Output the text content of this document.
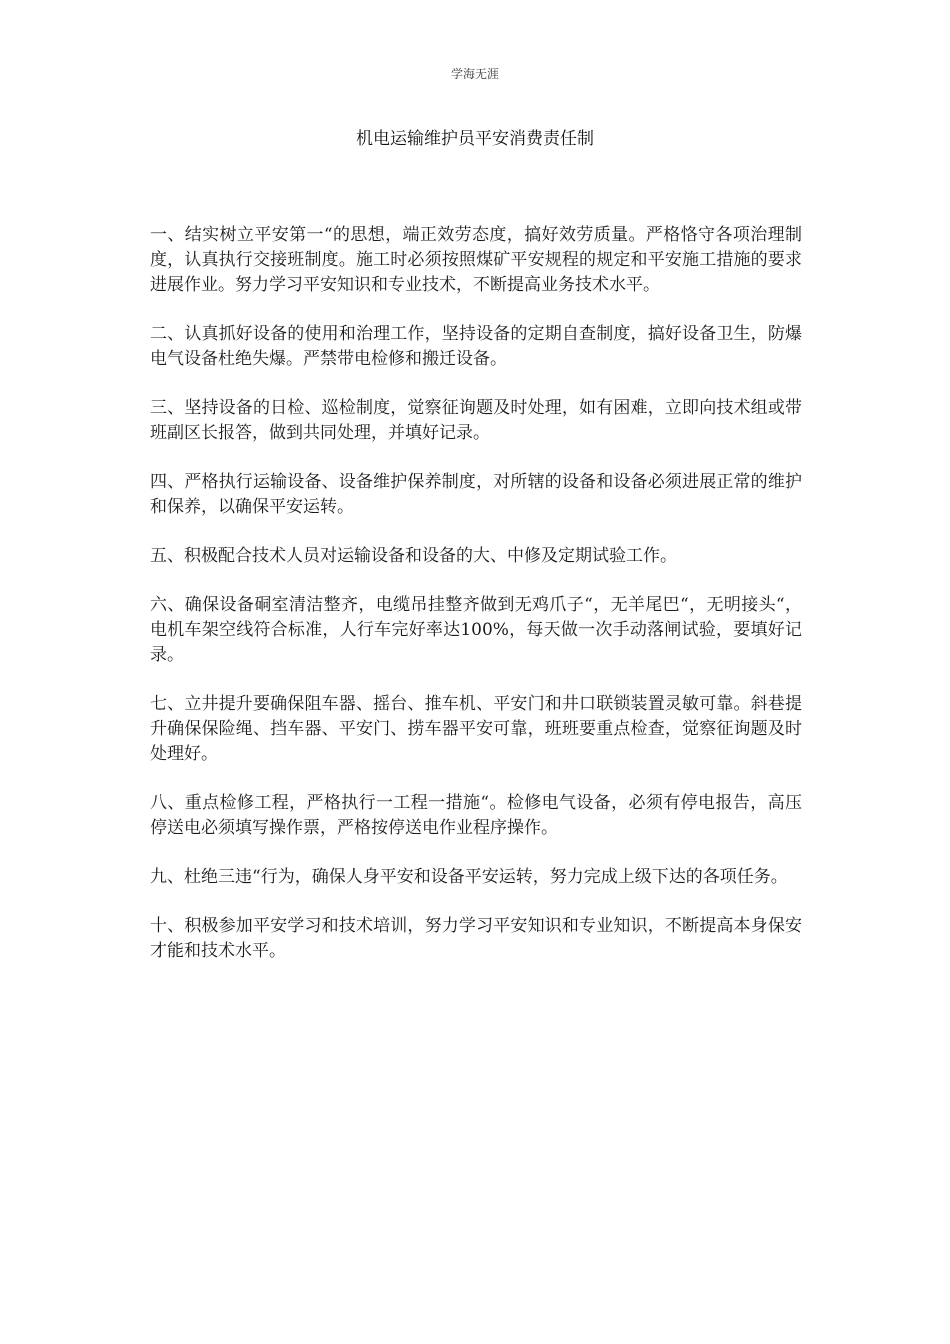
学海无涯
机电运输维护员平安消费责任制

一、结实树立平安第一“的思想，端正效劳态度，搞好效劳质量。严格恪守各项治理制度，认真执行交接班制度。施工时必须按照煤矿平安规程的规定和平安施工措施的要求进展作业。努力学习平安知识和专业技术，不断提高业务技术水平。

二、认真抓好设备的使用和治理工作，坚持设备的定期自查制度，搞好设备卫生，防爆电气设备杜绝失爆。严禁带电检修和搬迁设备。

三、坚持设备的日检、巡检制度，觉察征询题及时处理，如有困难，立即向技术组或带班副区长报答，做到共同处理，并填好记录。

四、严格执行运输设备、设备维护保养制度，对所辖的设备和设备必须进展正常的维护和保养，以确保平安运转。

五、积极配合技术人员对运输设备和设备的大、中修及定期试验工作。

六、确保设备硐室清洁整齐，电缆吊挂整齐做到无鸡爪子“，无羊尾巴“，无明接头“，电机车架空线符合标准，人行车完好率达100%，每天做一次手动落闸试验，要填好记录。

七、立井提升要确保阻车器、摇台、推车机、平安门和井口联锁装置灵敏可靠。斜巷提升确保保险绳、挡车器、平安门、捞车器平安可靠，班班要重点检查，觉察征询题及时处理好。

八、重点检修工程，严格执行一工程一措施“。检修电气设备，必须有停电报告，高压停送电必须填写操作票，严格按停送电作业程序操作。

九、杜绝三违“行为，确保人身平安和设备平安运转，努力完成上级下达的各项任务。

十、积极参加平安学习和技术培训，努力学习平安知识和专业知识，不断提高本身保安才能和技术水平。
